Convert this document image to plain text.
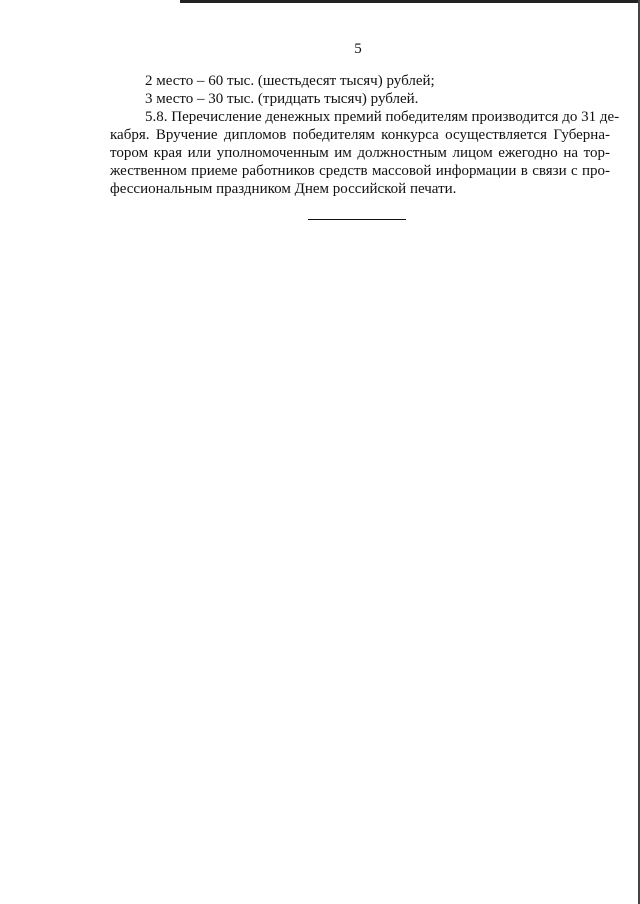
5
2 место – 60 тыс. (шестьдесят тысяч) рублей;
3 место – 30 тыс. (тридцать тысяч) рублей.
5.8. Перечисление денежных премий победителям производится до 31 де-
кабря. Вручение дипломов победителям конкурса осуществляется Губерна-
тором края или уполномоченным им должностным лицом ежегодно на тор-
жественном приеме работников средств массовой информации в связи с про-
фессиональным праздником Днем российской печати.
